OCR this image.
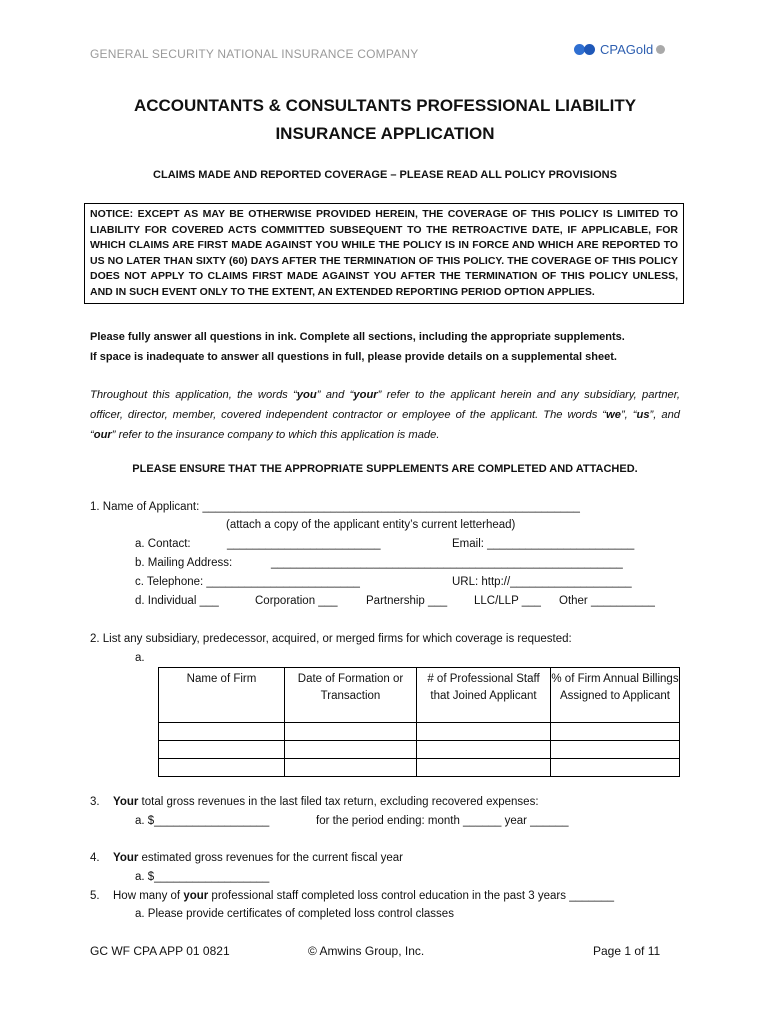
GENERAL SECURITY NATIONAL INSURANCE COMPANY	CPAGold
ACCOUNTANTS & CONSULTANTS PROFESSIONAL LIABILITY
INSURANCE APPLICATION
CLAIMS MADE AND REPORTED COVERAGE – PLEASE READ ALL POLICY PROVISIONS
NOTICE: EXCEPT AS MAY BE OTHERWISE PROVIDED HEREIN, THE COVERAGE OF THIS POLICY IS LIMITED TO LIABILITY FOR COVERED ACTS COMMITTED SUBSEQUENT TO THE RETROACTIVE DATE, IF APPLICABLE, FOR WHICH CLAIMS ARE FIRST MADE AGAINST YOU WHILE THE POLICY IS IN FORCE AND WHICH ARE REPORTED TO US NO LATER THAN SIXTY (60) DAYS AFTER THE TERMINATION OF THIS POLICY. THE COVERAGE OF THIS POLICY DOES NOT APPLY TO CLAIMS FIRST MADE AGAINST YOU AFTER THE TERMINATION OF THIS POLICY UNLESS, AND IN SUCH EVENT ONLY TO THE EXTENT, AN EXTENDED REPORTING PERIOD OPTION APPLIES.
Please fully answer all questions in ink. Complete all sections, including the appropriate supplements.
If space is inadequate to answer all questions in full, please provide details on a supplemental sheet.
Throughout this application, the words “you” and “your” refer to the applicant herein and any subsidiary, partner, officer, director, member, covered independent contractor or employee of the applicant. The words “we”, “us”, and “our” refer to the insurance company to which this application is made.
PLEASE ENSURE THAT THE APPROPRIATE SUPPLEMENTS ARE COMPLETED AND ATTACHED.
1. Name of Applicant: ___________________________________________________________
(attach a copy of the applicant entity’s current letterhead)
a. Contact:	________________________	Email: _______________________
b. Mailing Address:	_______________________________________________________
c. Telephone: ________________________	URL: http://___________________
d. Individual ___	Corporation ___ Partnership ___ LLC/LLP ___ Other __________
2. List any subsidiary, predecessor, acquired, or merged firms for which coverage is requested:
a.
Name of Firm	Date of Formation or Transaction	# of Professional Staff that Joined Applicant	% of Firm Annual Billings Assigned to Applicant

3. Your total gross revenues in the last filed tax return, excluding recovered expenses:
a. $__________________	for the period ending: month ______ year ______
4. Your estimated gross revenues for the current fiscal year
a. $__________________
5. How many of your professional staff completed loss control education in the past 3 years _______
a. Please provide certificates of completed loss control classes
GC WF CPA APP 01 0821	© Amwins Group, Inc.	Page 1 of 11
